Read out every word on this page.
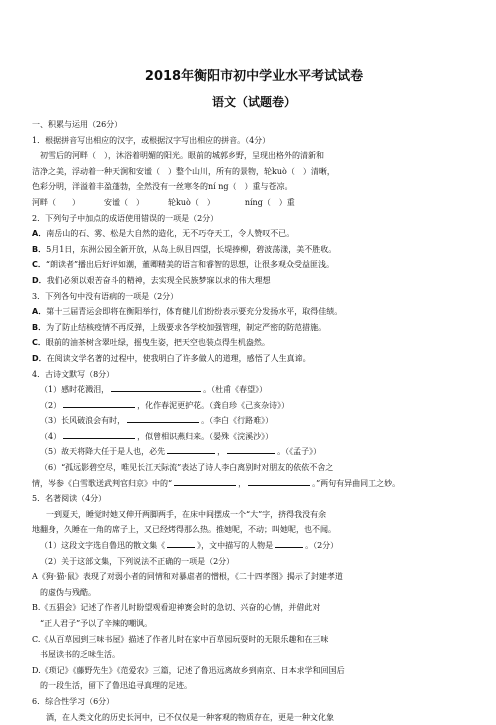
2018年衡阳市初中学业水平考试试卷
语文（试题卷）
一、积累与运用（26分）
1．根据拼音写出相应的汉字，或根据汉字写出相应的拼音。（4分）
初雪后的河畔（　），沐浴着明媚的阳光。眼前的城郭乡野，呈现出格外的清新和
洁净之美，浮动着一种天涧和安谧（　）整个山川，所有的景物，轮kuò（　）清晰，
色彩分明，洋溢着丰盈蓬勃，全然没有一丝寒冬的ní ng（　）重与苍凉。
河畔（　　）	安谧（　）	轮kuò（　）	níng（　）重
2．下列句子中加点的成语使用错误的一项是（2分）
A．南岳山的石、雾、松是大自然的造化，无不巧夺天工，令人赞叹不已。
B．5月1日，东洲公园全新开放，从岛上纵目四望，长堤捧柳，碧波荡漾，美不胜收。
C．“朗读者”播出后好评如潮，董卿精美的语言和睿智的思想，让很多观众受益匪浅。
D．我们必须以艰苦奋斗的精神，去实现全民族梦寐以求的伟大理想
3．下列各句中没有语病的一项是（2分）
A．第十三届青运会即将在衡阳举行，体育健儿们纷纷表示要充分发扬水平，取得佳绩。
B．为了防止结核疫情不再反弹，上级要求各学校加强管理，制定严密的防范措施。
C．眼前的油茶树含翠吐绿，摇曳生姿，把天空也装点得生机盎然。
D．在阅读文学名著的过程中，使我明白了许多做人的道理，感悟了人生真谛。
4．古诗文默写（8分）
（1）感时花溅泪，	。（杜甫《春望》）
（2）	，化作春泥更护花。（龚自珍《己亥杂诗》）
（3）长风破浪会有时，	。（李白《行路难》）
（4）	，似曾相识燕归来。（晏殊《浣溪沙》）
（5）故天将降大任于是人也，必先	，	。（《孟子》）
（6）“孤远影碧空尽，唯见长江天际流”表达了诗人李白离别时对朋友的依依不舍之
情，岑参《白雪歌送武判官归京》中的“	，	。”两句有异曲同工之妙。
5．名著阅读（4分）
一到夏天，睡觉时她又伸开两脚两手，在床中间摆成一个“大”字，挤得我没有余
地翻身，久睡在一角的席子上，又已经烤得那么热。推她呢，不动；叫她呢，也不闻。
（1）这段文字选自鲁迅的散文集《	》，文中描写的人物是	。（2分）
（2）关于这部文集，下列说法不正确的一项是（2分）
A《狗·猫·鼠》表现了对弱小者的同情和对暴虐者的憎根，《二十四孝图》揭示了封建孝道
的虚伪与残酷。
B.《五猖会》记述了作者儿时盼望观看迎神赛会时的急切、兴奋的心情，并借此对
“正人君子”予以了辛辣的嘲讽。
C.《从百草园到三味书屋》描述了作者儿时在家中百草园玩耍时的无限乐趣和在三味
书屋读书的乏味生活。
D.《琐记》《藤野先生》《范爱农》三篇，记述了鲁迅远离故乡到南京、日本求学和回国后
的一段生活，留下了鲁迅追寻真理的足迹。
6．综合性学习（6分）
酒，在人类文化的历史长河中，已不仅仅是一种客观的物质存在，更是一种文化象
